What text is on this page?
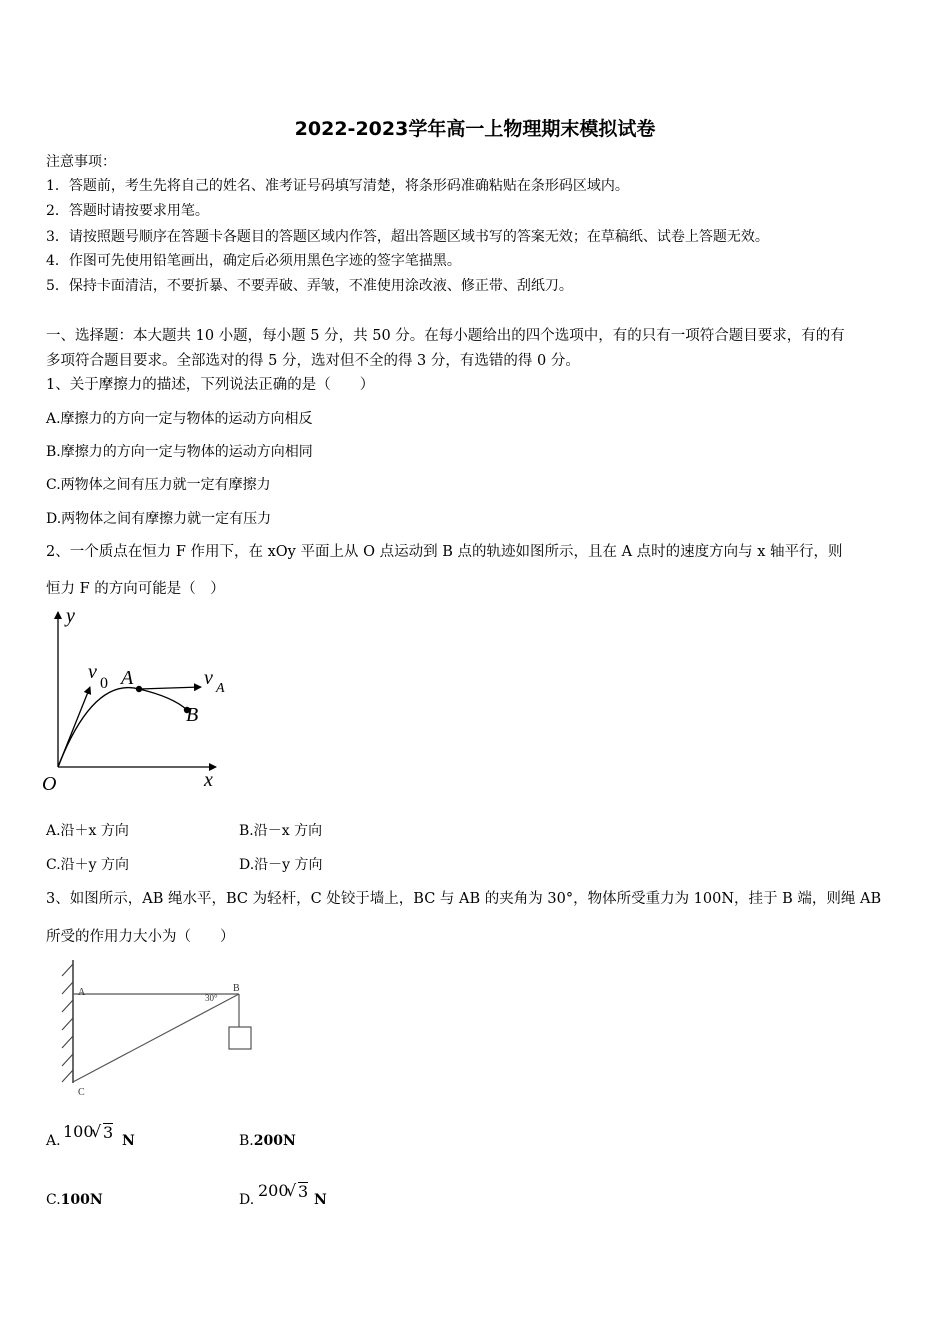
2022-2023学年高一上物理期末模拟试卷
注意事项：
1．答题前，考生先将自己的姓名、准考证号码填写清楚，将条形码准确粘贴在条形码区域内。
2．答题时请按要求用笔。
3．请按照题号顺序在答题卡各题目的答题区域内作答，超出答题区域书写的答案无效；在草稿纸、试卷上答题无效。
4．作图可先使用铅笔画出，确定后必须用黑色字迹的签字笔描黑。
5．保持卡面清洁，不要折暴、不要弄破、弄皱，不准使用涂改液、修正带、刮纸刀。
一、选择题：本大题共 10 小题，每小题 5 分，共 50 分。在每小题给出的四个选项中，有的只有一项符合题目要求，有的有
多项符合题目要求。全部选对的得 5 分，选对但不全的得 3 分，有选错的得 0 分。
1、关于摩擦力的描述，下列说法正确的是（　　）
A.摩擦力的方向一定与物体的运动方向相反
B.摩擦力的方向一定与物体的运动方向相同
C.两物体之间有压力就一定有摩擦力
D.两物体之间有摩擦力就一定有压力
2、一个质点在恒力 F 作用下，在 xOy 平面上从 O 点运动到 B 点的轨迹如图所示，且在 A 点时的速度方向与 x 轴平行，则
恒力 F 的方向可能是（　）
y
x
O
v
0 A	v A
B
A.沿＋x 方向	B.沿－x 方向
C.沿＋y 方向	D.沿－y 方向
3、如图所示，AB 绳水平，BC 为轻杆，C 处铰于墙上，BC 与 AB 的夹角为 30°，物体所受重力为 100N，挂于 B 端，则绳 AB
所受的作用力大小为（　　）
A	B
C
30°
A. 100
√ 3 N	B.200N
C.100N	D. 200
√ 3 N
